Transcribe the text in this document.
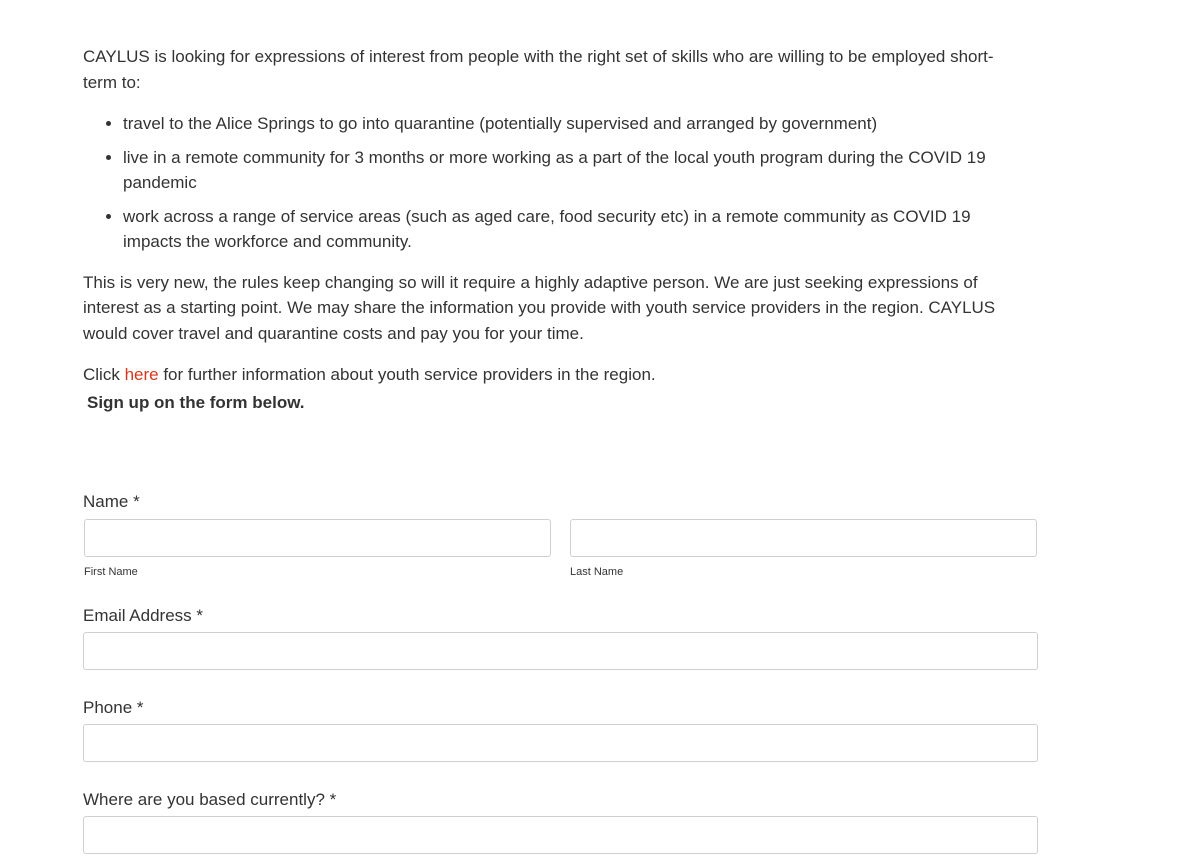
CAYLUS is looking for expressions of interest from people with the right set of skills who are willing to be employed short-term to:

• travel to the Alice Springs to go into quarantine (potentially supervised and arranged by government)
• live in a remote community for 3 months or more working as a part of the local youth program during the COVID 19 pandemic
• work across a range of service areas (such as aged care, food security etc) in a remote community as COVID 19 impacts the workforce and community.

This is very new, the rules keep changing so will it require a highly adaptive person. We are just seeking expressions of interest as a starting point. We may share the information you provide with youth service providers in the region. CAYLUS would cover travel and quarantine costs and pay you for your time.

Click here for further information about youth service providers in the region.

Sign up on the form below.
Name *
First Name	Last Name
Email Address *
Phone *
Where are you based currently? *
